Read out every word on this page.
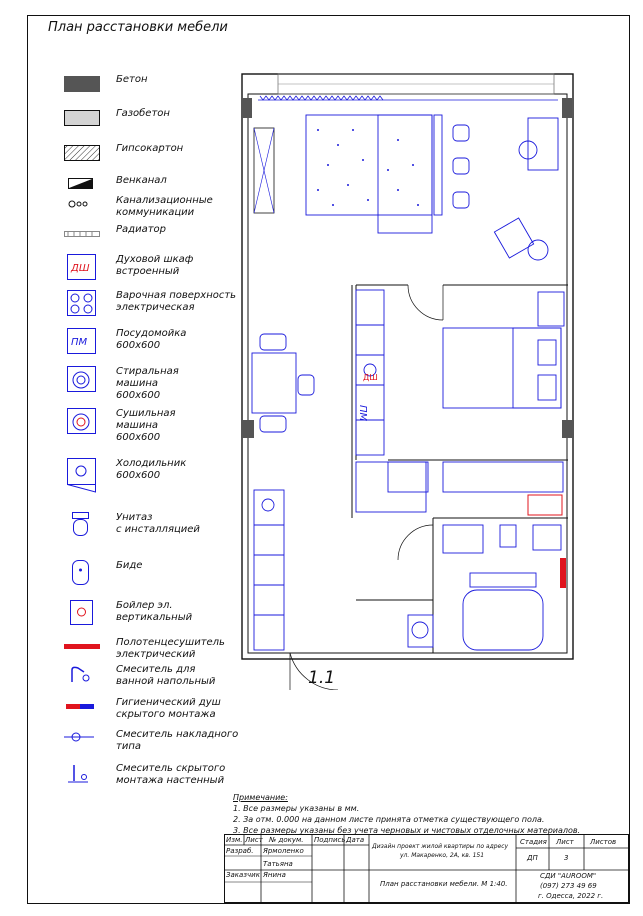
План расстановки мебели
Бетон
Газобетон
Гипсокартон
Венканал
Канализационные
коммуникации
Радиатор
ДШ
Духовой шкаф
встроенный
Варочная поверхность
электрическая
ПМ
Посудомойка
600x600
Стиральная
машина
600x600
Сушильная
машина
600x600
Холодильник
600x600
Унитаз
с инсталляцией
Биде
Бойлер эл.
вертикальный
Полотенцесушитель
электрический
Смеситель для
ванной напольный
Гигиенический душ
скрытого монтажа
Смеситель накладного
типа
Смеситель скрытого
монтажа настенный
ПМ
ДШ
1.1
Примечание:
1. Все размеры указаны в мм.
2. За отм. 0.000 на данном листе принята отметка существующего пола.
3. Все размеры указаны без учета черновых и чистовых отделочных материалов.
Изм. Лист № докум. Подпись Дата
Разраб. Ярмоленко
Татьяна
Заказчик Янина
Дизайн проект жилой квартиры по адресу
ул. Макаренко, 2А, кв. 151
Стадия Лист Листов
ДП	3
План расстановки мебели. М 1:40.
СДИ "AUROOM"
(097) 273 49 69
г. Одесса, 2022 г.
